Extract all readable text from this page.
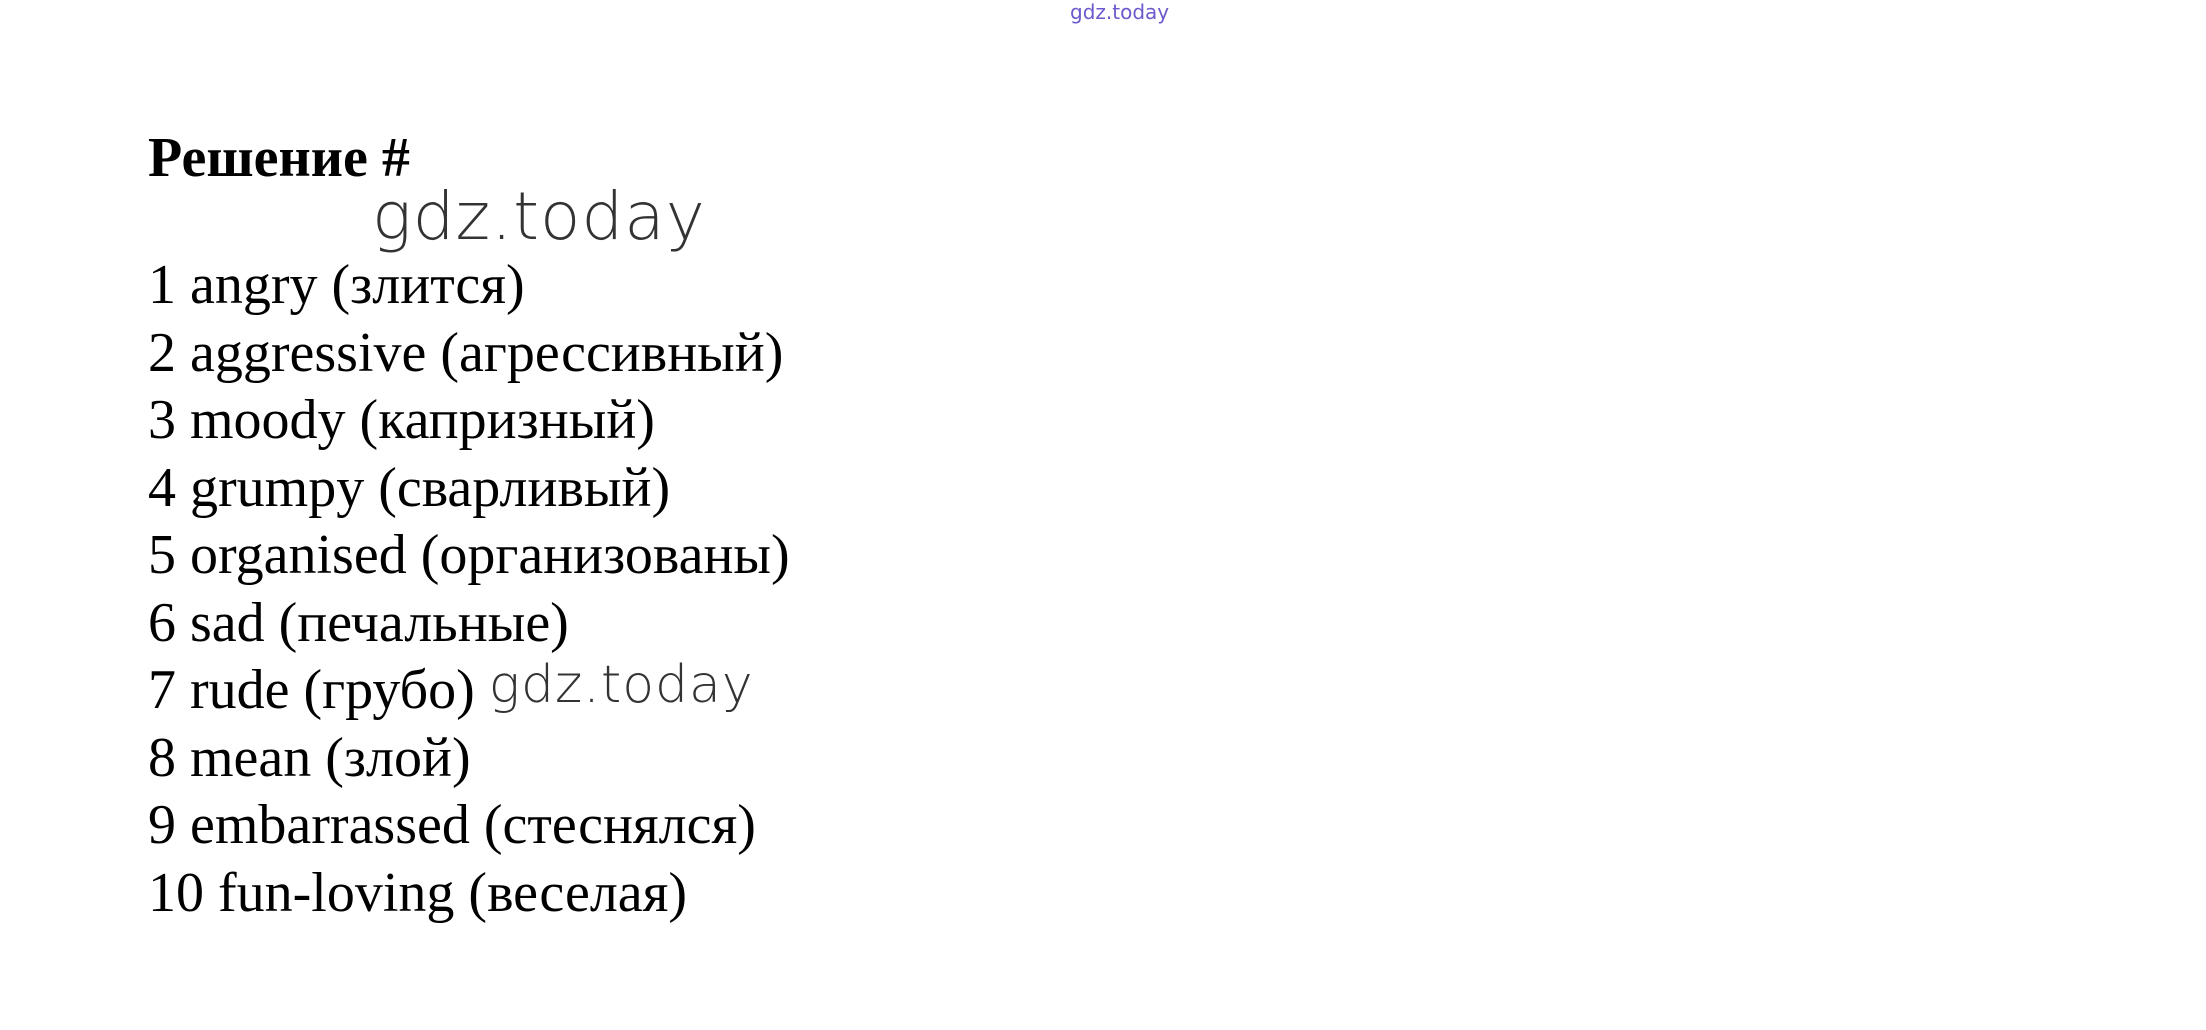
gdz.today
Решение #
gdz.today
1 angry (злится)
2 aggressive (агрессивный)
3 moody (капризный)
4 grumpy (сварливый)
5 organised (организованы)
6 sad (печальные)
7 rude (грубо) gdz.today
8 mean (злой)
9 embarrassed (стеснялся)
10 fun-loving (веселая)
